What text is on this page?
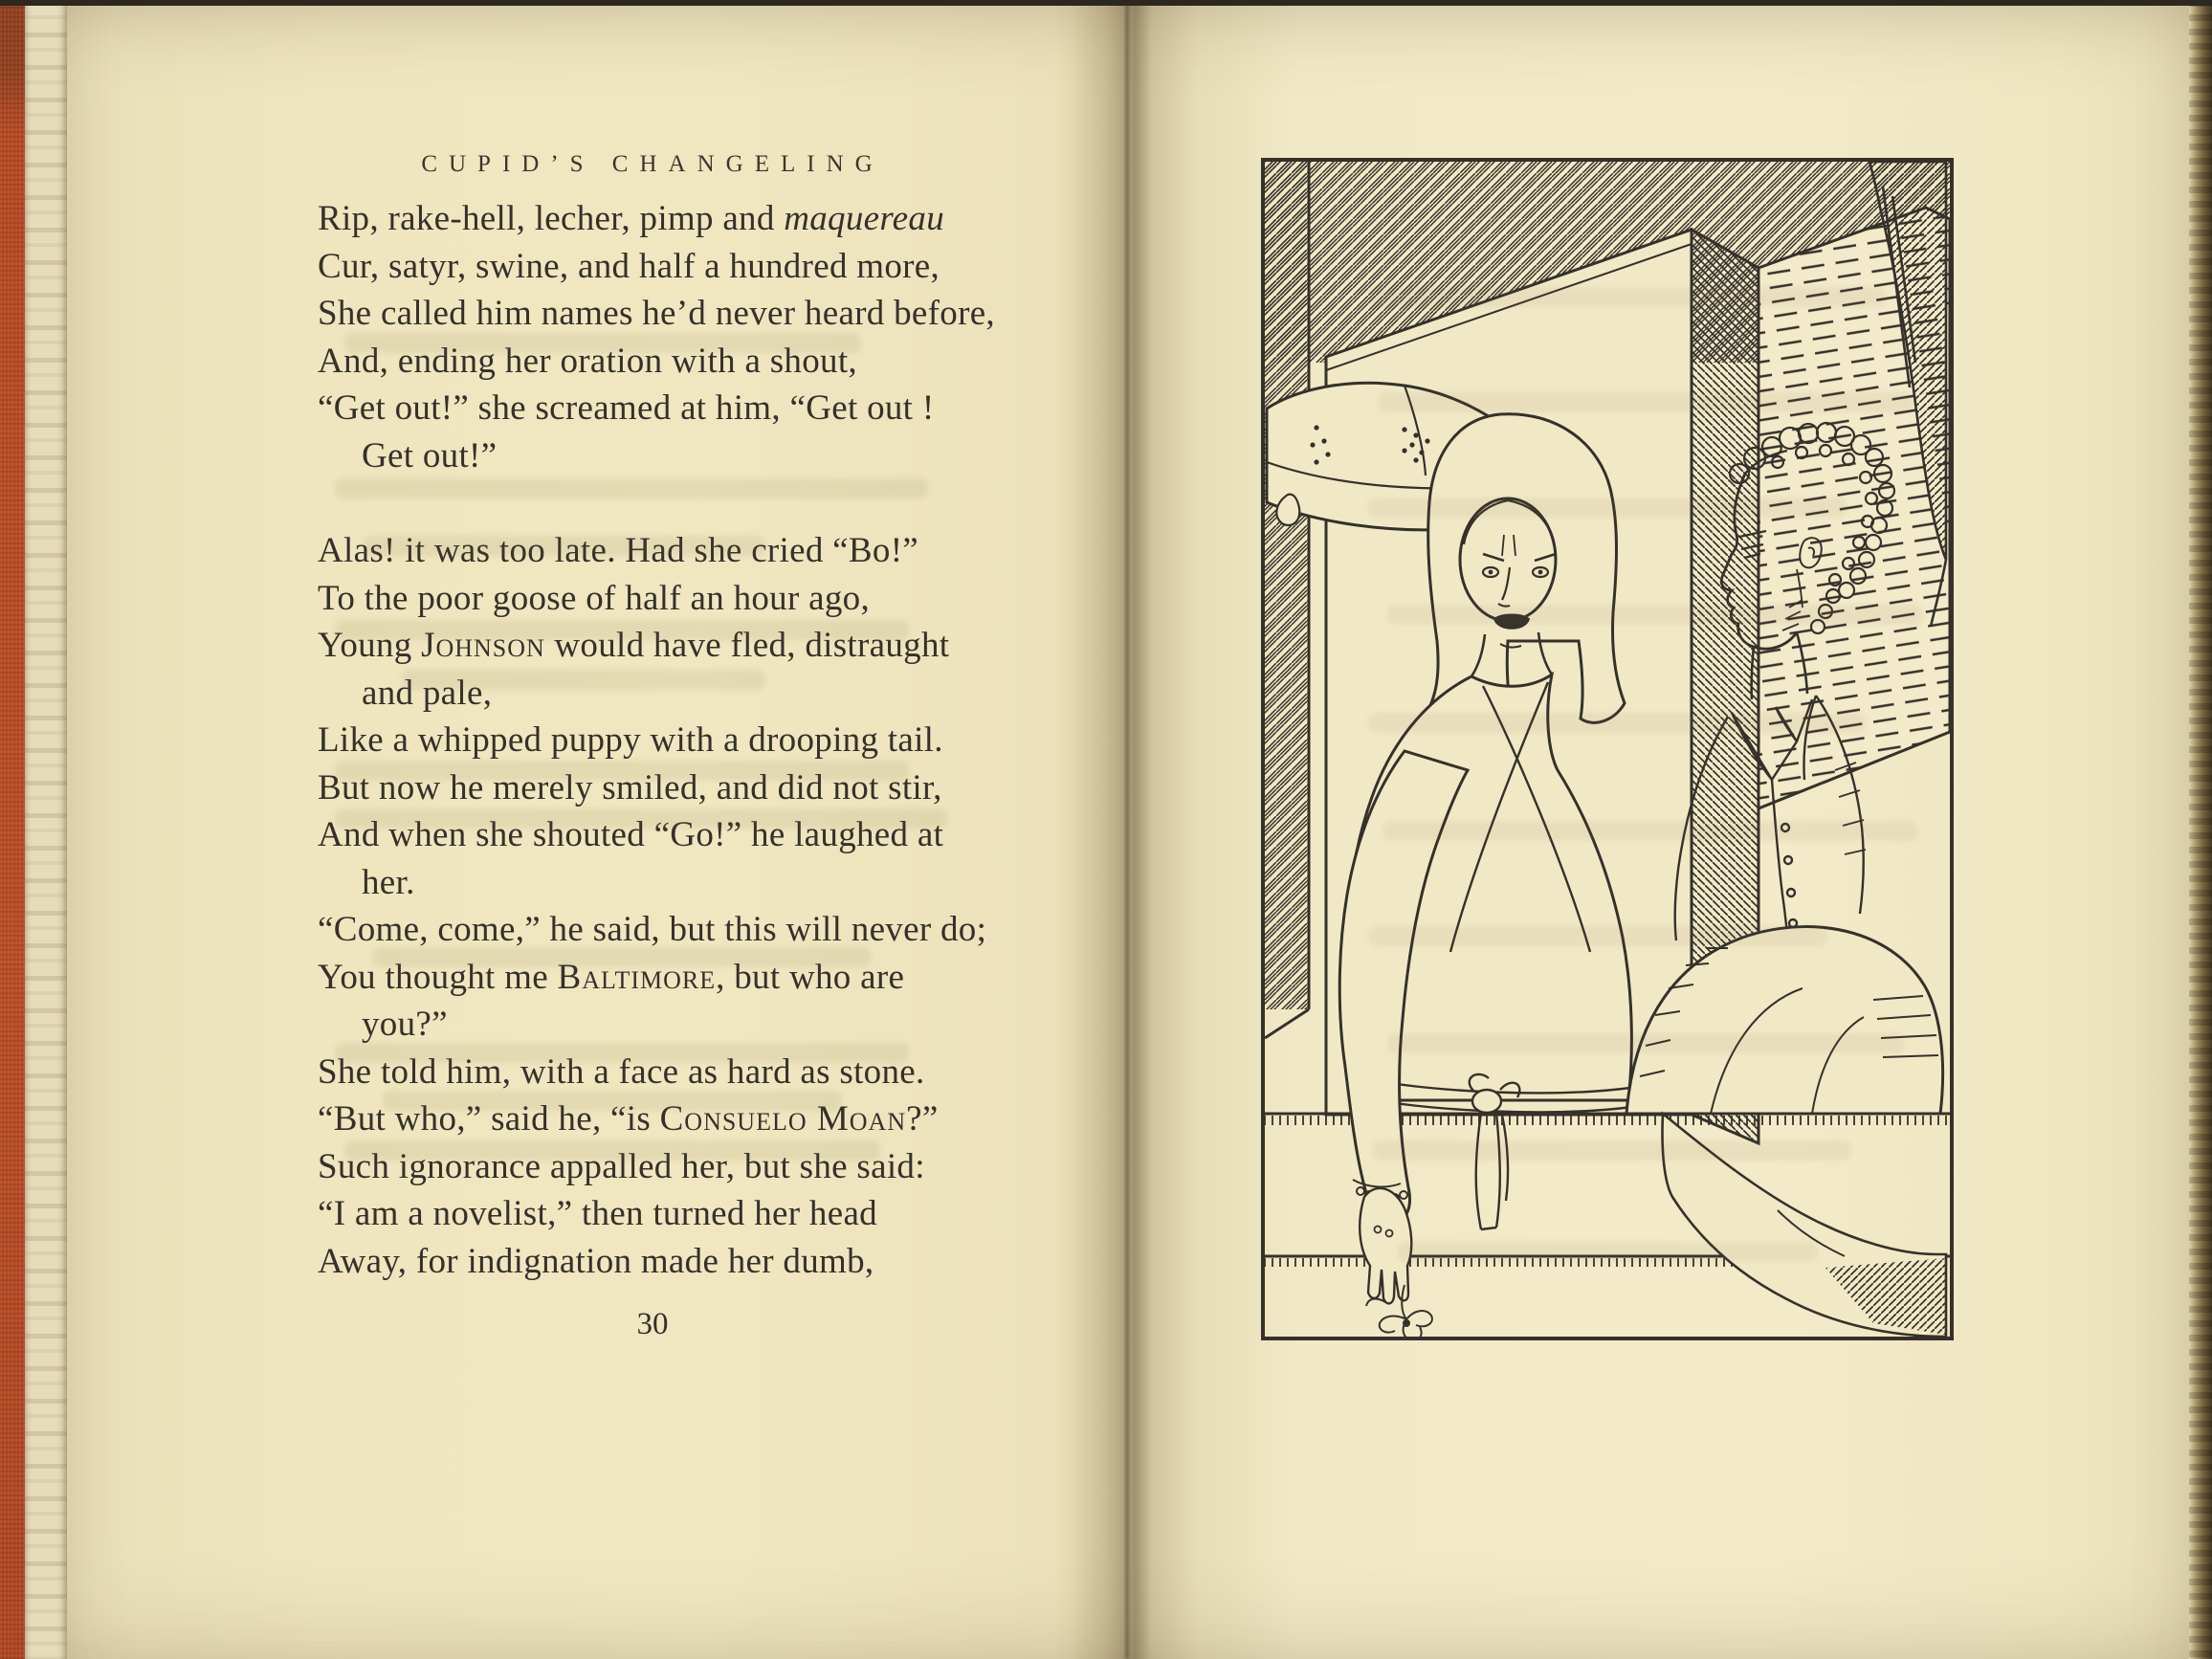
CUPID’S CHANGELING
Rip, rake-hell, lecher, pimp and maquereau
Cur, satyr, swine, and half a hundred more,
She called him names he’d never heard before,
And, ending her oration with a shout,
“Get out!” she screamed at him, “Get out !
Get out!”
Alas! it was too late. Had she cried “Bo!”
To the poor goose of half an hour ago,
Young Johnson would have fled, distraught
and pale,
Like a whipped puppy with a drooping tail.
But now he merely smiled, and did not stir,
And when she shouted “Go!” he laughed at
her.
“Come, come,” he said, but this will never do;
You thought me Baltimore, but who are
you?”
She told him, with a face as hard as stone.
“But who,” said he, “is Consuelo Moan?”
Such ignorance appalled her, but she said:
“I am a novelist,” then turned her head
Away, for indignation made her dumb,
30
